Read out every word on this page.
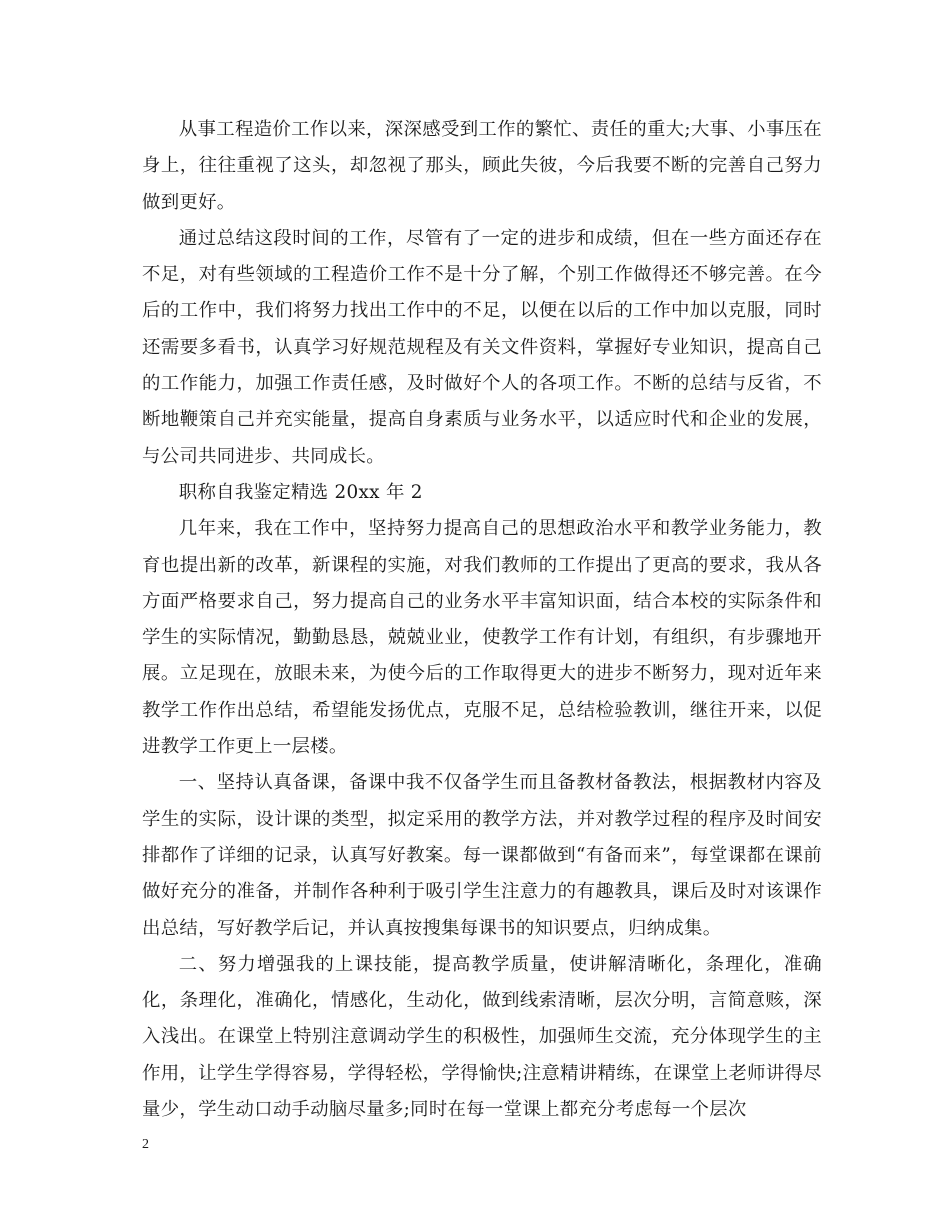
从事工程造价工作以来，深深感受到工作的繁忙、责任的重大;大事、小事压在身上，往往重视了这头，却忽视了那头，顾此失彼，今后我要不断的完善自己努力做到更好。

通过总结这段时间的工作，尽管有了一定的进步和成绩，但在一些方面还存在不足，对有些领域的工程造价工作不是十分了解，个别工作做得还不够完善。在今后的工作中，我们将努力找出工作中的不足，以便在以后的工作中加以克服，同时还需要多看书，认真学习好规范规程及有关文件资料，掌握好专业知识，提高自己的工作能力，加强工作责任感，及时做好个人的各项工作。不断的总结与反省，不断地鞭策自己并充实能量，提高自身素质与业务水平，以适应时代和企业的发展，与公司共同进步、共同成长。

职称自我鉴定精选 20xx 年 2

几年来，我在工作中，坚持努力提高自己的思想政治水平和教学业务能力，教育也提出新的改革，新课程的实施，对我们教师的工作提出了更高的要求，我从各方面严格要求自己，努力提高自己的业务水平丰富知识面，结合本校的实际条件和学生的实际情况，勤勤恳恳，兢兢业业，使教学工作有计划，有组织，有步骤地开展。立足现在，放眼未来，为使今后的工作取得更大的进步不断努力，现对近年来教学工作作出总结，希望能发扬优点，克服不足，总结检验教训，继往开来，以促进教学工作更上一层楼。

一、坚持认真备课，备课中我不仅备学生而且备教材备教法，根据教材内容及学生的实际，设计课的类型，拟定采用的教学方法，并对教学过程的程序及时间安排都作了详细的记录，认真写好教案。每一课都做到“有备而来”，每堂课都在课前做好充分的准备，并制作各种利于吸引学生注意力的有趣教具，课后及时对该课作出总结，写好教学后记，并认真按搜集每课书的知识要点，归纳成集。

二、努力增强我的上课技能，提高教学质量，使讲解清晰化，条理化，准确化，条理化，准确化，情感化，生动化，做到线索清晰，层次分明，言简意赅，深入浅出。在课堂上特别注意调动学生的积极性，加强师生交流，充分体现学生的主作用，让学生学得容易，学得轻松，学得愉快;注意精讲精练，在课堂上老师讲得尽量少，学生动口动手动脑尽量多;同时在每一堂课上都充分考虑每一个层次

2
